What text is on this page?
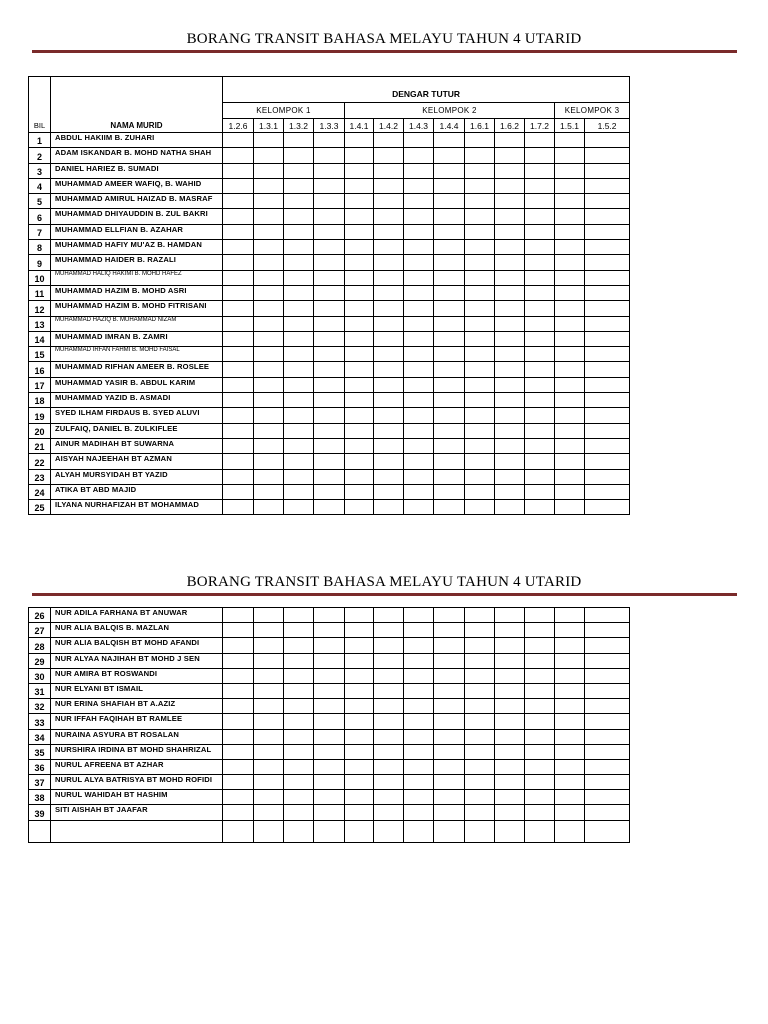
BORANG TRANSIT BAHASA MELAYU TAHUN 4 UTARID
BIL	NAMA MURID	DENGAR TUTUR												
		KELOMPOK 1				KELOMPOK 2							KELOMPOK 3	
		1.2.6	1.3.1	1.3.2	1.3.3	1.4.1	1.4.2	1.4.3	1.4.4	1.6.1	1.6.2	1.7.2	1.5.1	1.5.2
1	ABDUL HAKIIM B. ZUHARI													
2	ADAM ISKANDAR B. MOHD NATHA SHAH													
3	DANIEL HARIEZ B. SUMADI													
4	MUHAMMAD AMEER WAFIQ, B. WAHID													
5	MUHAMMAD AMIRUL HAIZAD B. MASRAF													
6	MUHAMMAD DHIYAUDDIN B. ZUL BAKRI													
7	MUHAMMAD ELLFIAN B. AZAHAR													
8	MUHAMMAD HAFIY MU'AZ B. HAMDAN													
9	MUHAMMAD HAIDER B. RAZALI													
10	MUHAMMAD HALIQ HAKIMI B. MOHD HAFEZ													
11	MUHAMMAD HAZIM B. MOHD ASRI													
12	MUHAMMAD HAZIM B. MOHD FITRISANI													
13	MUHAMMAD HAZIQ B. MUHAMMAD NIZAM													
14	MUHAMMAD IMRAN B. ZAMRI													
15	MUHAMMAD IRFAN FAHMI B. MOHD FAISAL													
16	MUHAMMAD RIFHAN AMEER B. ROSLEE													
17	MUHAMMAD YASIR B. ABDUL KARIM													
18	MUHAMMAD YAZID B. ASMADI													
19	SYED ILHAM FIRDAUS B. SYED ALUVI													
20	ZULFAIQ, DANIEL B. ZULKIFLEE													
21	AINUR MADIHAH BT SUWARNA													
22	AISYAH NAJEEHAH BT AZMAN													
23	ALYAH MURSYIDAH BT YAZID													
24	ATIKA BT ABD MAJID													
25	ILYANA NURHAFIZAH BT MOHAMMAD													
BORANG TRANSIT BAHASA MELAYU TAHUN 4 UTARID
26	NUR ADILA FARHANA BT ANUWAR													
27	NUR ALIA BALQIS B. MAZLAN													
28	NUR ALIA BALQISH BT MOHD AFANDI													
29	NUR ALYAA NAJIHAH BT MOHD J SEN													
30	NUR AMIRA BT ROSWANDI													
31	NUR ELYANI BT ISMAIL													
32	NUR ERINA SHAFIAH BT A.AZIZ													
33	NUR IFFAH FAQIHAH BT RAMLEE													
34	NURAINA ASYURA BT ROSALAN													
35	NURSHIRA IRDINA BT MOHD SHAHRIZAL													
36	NURUL AFREENA BT AZHAR													
37	NURUL ALYA BATRISYA BT MOHD ROFIDI													
38	NURUL WAHIDAH BT HASHIM													
39	SITI AISHAH BT JAAFAR													
